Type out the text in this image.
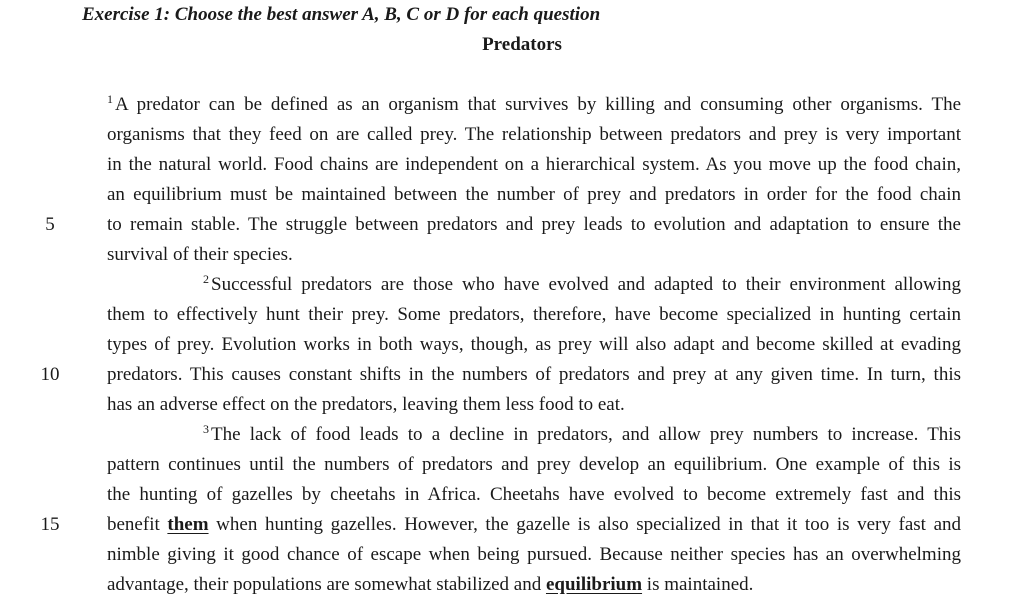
Exercise 1: Choose the best answer A, B, C or D for each question
Predators
$^1$ A predator can be defined as an organism that survives by killing and consuming other organisms. The
organisms that they feed on are called prey. The relationship between predators and prey is very important
in the natural world. Food chains are independent on a hierarchical system. As you move up the food chain,
an equilibrium must be maintained between the number of prey and predators in order for the food chain
5	to remain stable. The struggle between predators and prey leads to evolution and adaptation to ensure the
survival of their species.
$^2$ Successful predators are those who have evolved and adapted to their environment allowing
them to effectively hunt their prey. Some predators, therefore, have become specialized in hunting certain
types of prey. Evolution works in both ways, though, as prey will also adapt and become skilled at evading
10	predators. This causes constant shifts in the numbers of predators and prey at any given time. In turn, this
has an adverse effect on the predators, leaving them less food to eat.
$^3$ The lack of food leads to a decline in predators, and allow prey numbers to increase. This
pattern continues until the numbers of predators and prey develop an equilibrium. One example of this is
the hunting of gazelles by cheetahs in Africa. Cheetahs have evolved to become extremely fast and this
15	benefit them when hunting gazelles. However, the gazelle is also specialized in that it too is very fast and
nimble giving it good chance of escape when being pursued. Because neither species has an overwhelming
advantage, their populations are somewhat stabilized and equilibrium is maintained.
